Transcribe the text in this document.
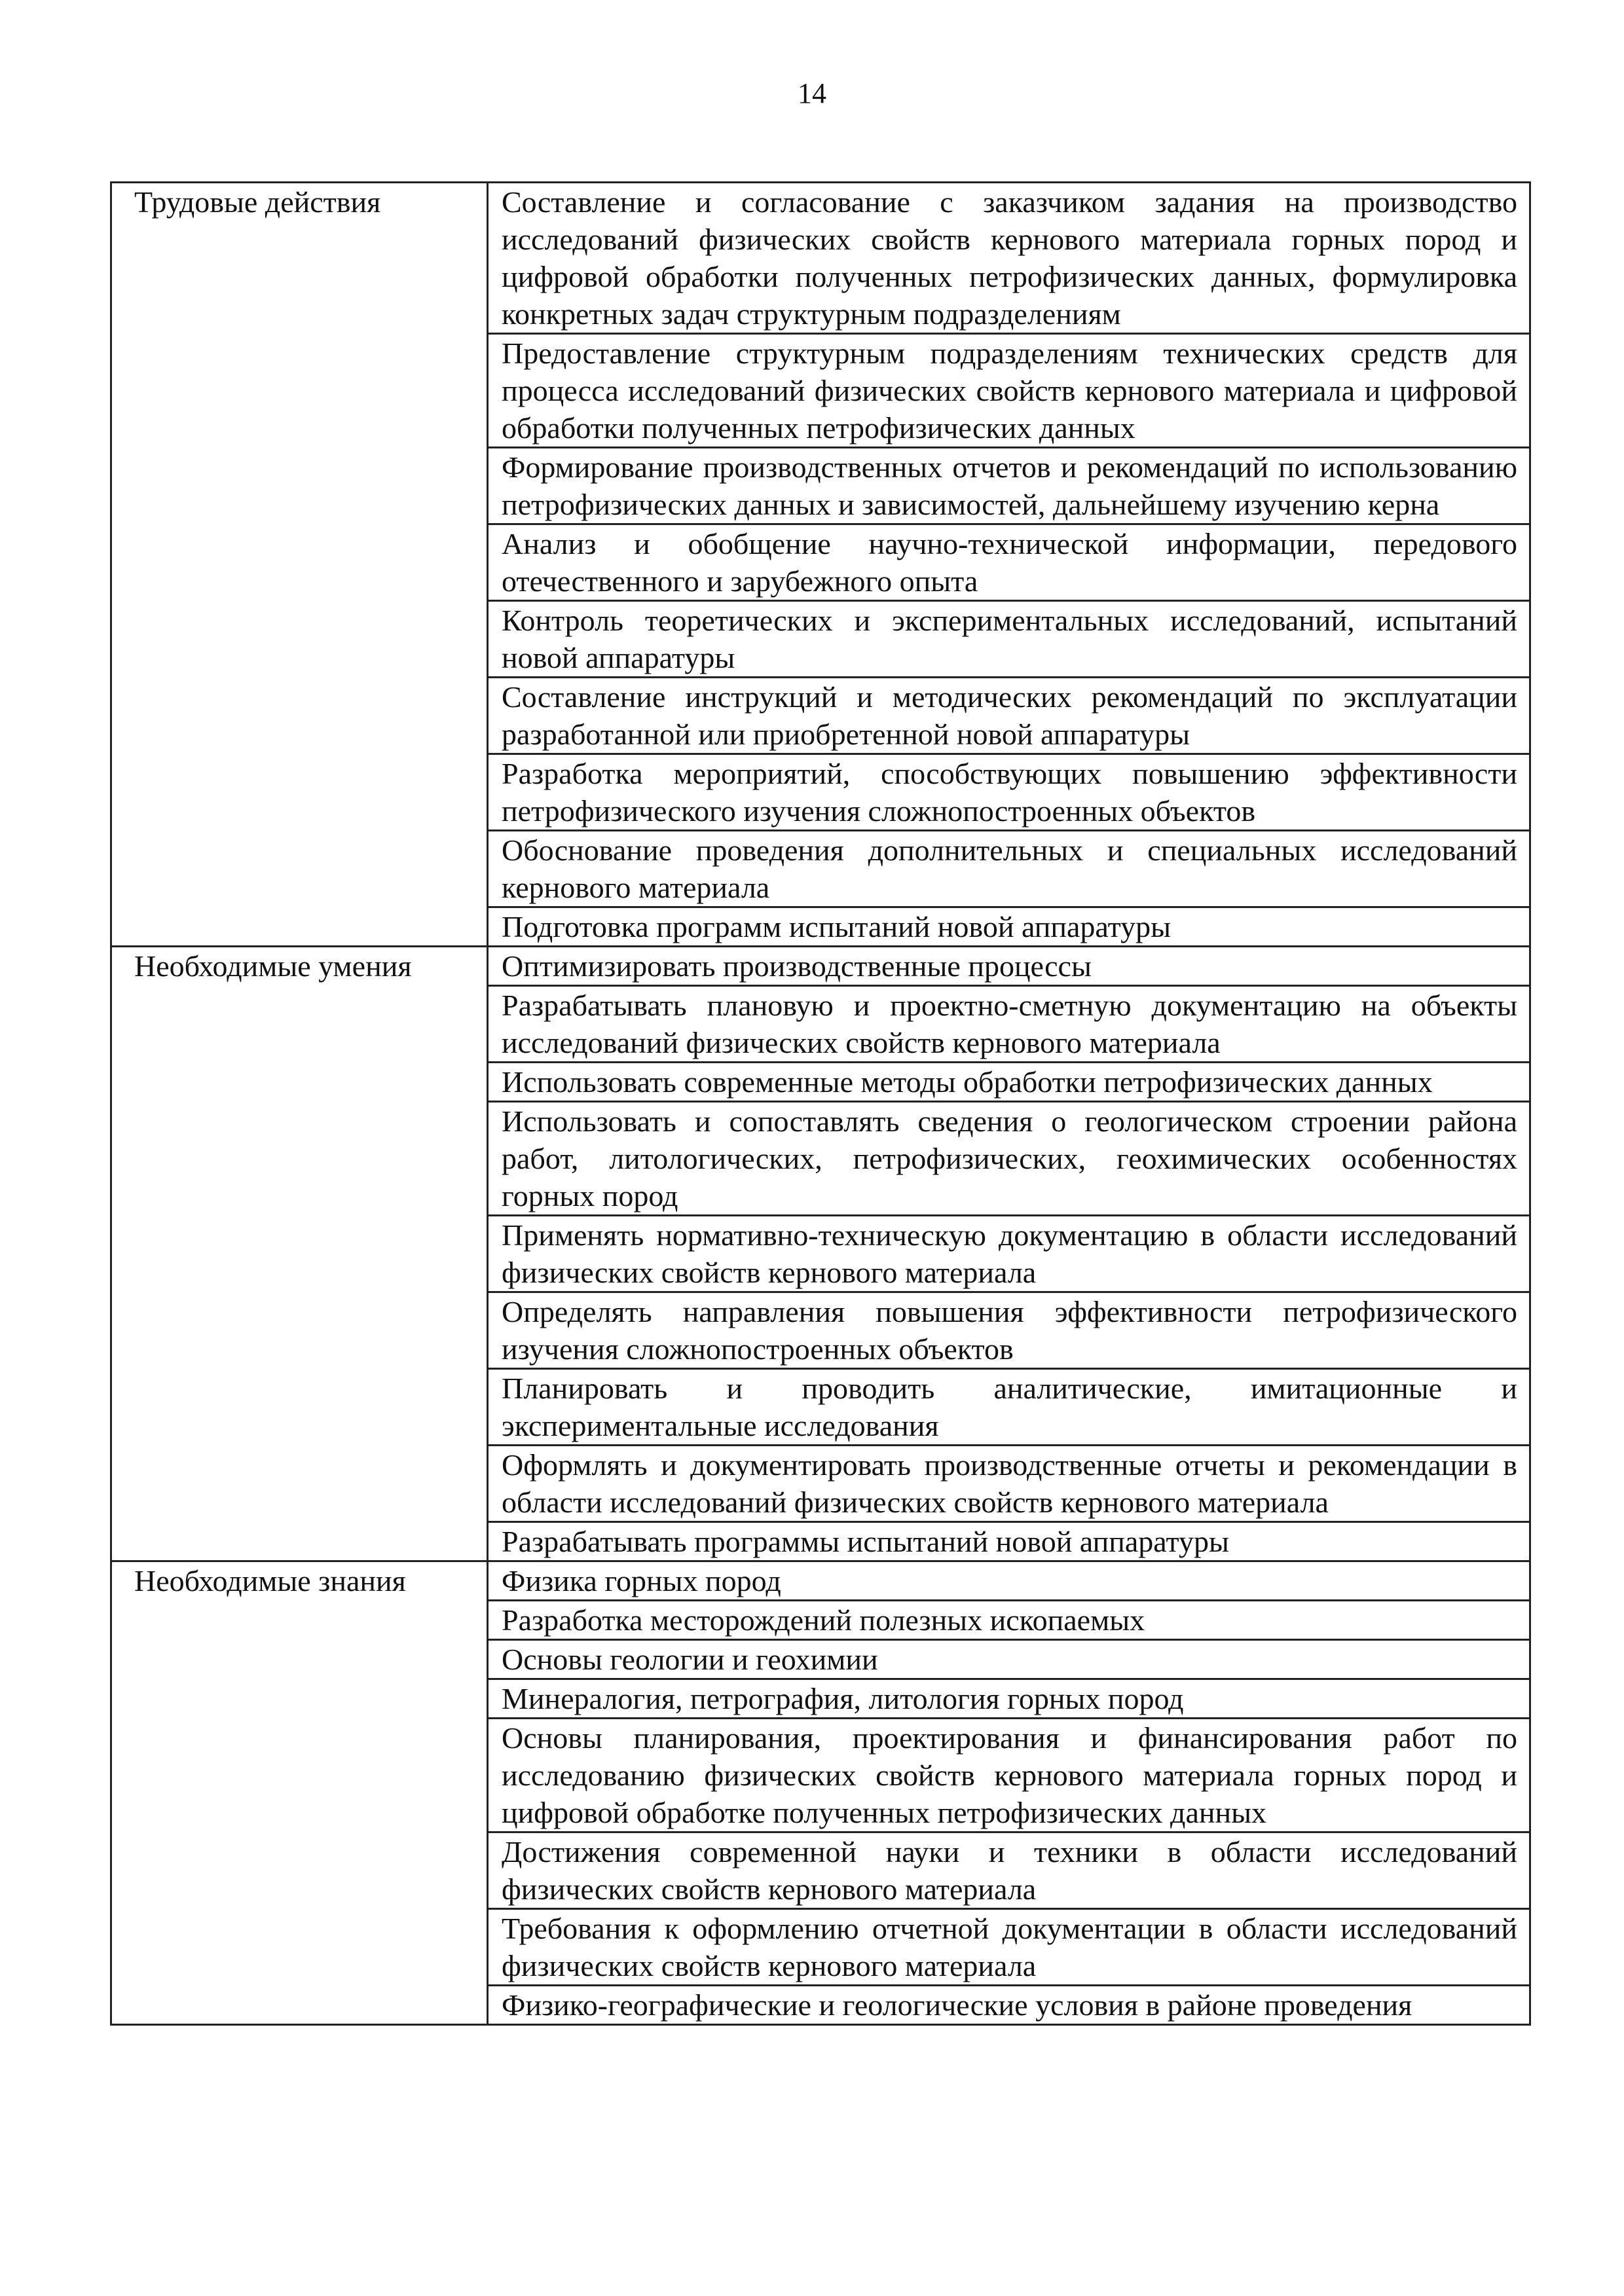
14
Трудовые действия	Составление и согласование с заказчиком задания на производство исследований физических свойств кернового материала горных пород и цифровой обработки полученных петрофизических данных, формулировка конкретных задач структурным подразделениям
	Предоставление структурным подразделениям технических средств для процесса исследований физических свойств кернового материала и цифровой обработки полученных петрофизических данных
	Формирование производственных отчетов и рекомендаций по использованию петрофизических данных и зависимостей, дальнейшему изучению керна
	Анализ и обобщение научно-технической информации, передового отечественного и зарубежного опыта
	Контроль теоретических и экспериментальных исследований, испытаний новой аппаратуры
	Составление инструкций и методических рекомендаций по эксплуатации разработанной или приобретенной новой аппаратуры
	Разработка мероприятий, способствующих повышению эффективности петрофизического изучения сложнопостроенных объектов
	Обоснование проведения дополнительных и специальных исследований кернового материала
	Подготовка программ испытаний новой аппаратуры
Необходимые умения	Оптимизировать производственные процессы
	Разрабатывать плановую и проектно-сметную документацию на объекты исследований физических свойств кернового материала
	Использовать современные методы обработки петрофизических данных
	Использовать и сопоставлять сведения о геологическом строении района работ, литологических, петрофизических, геохимических особенностях горных пород
	Применять нормативно-техническую документацию в области исследований физических свойств кернового материала
	Определять направления повышения эффективности петрофизического изучения сложнопостроенных объектов
	Планировать и проводить аналитические, имитационные и экспериментальные исследования
	Оформлять и документировать производственные отчеты и рекомендации в области исследований физических свойств кернового материала
	Разрабатывать программы испытаний новой аппаратуры
Необходимые знания	Физика горных пород
	Разработка месторождений полезных ископаемых
	Основы геологии и геохимии
	Минералогия, петрография, литология горных пород
	Основы планирования, проектирования и финансирования работ по исследованию физических свойств кернового материала горных пород и цифровой обработке полученных петрофизических данных
	Достижения современной науки и техники в области исследований физических свойств кернового материала
	Требования к оформлению отчетной документации в области исследований физических свойств кернового материала
	Физико-географические и геологические условия в районе проведения
